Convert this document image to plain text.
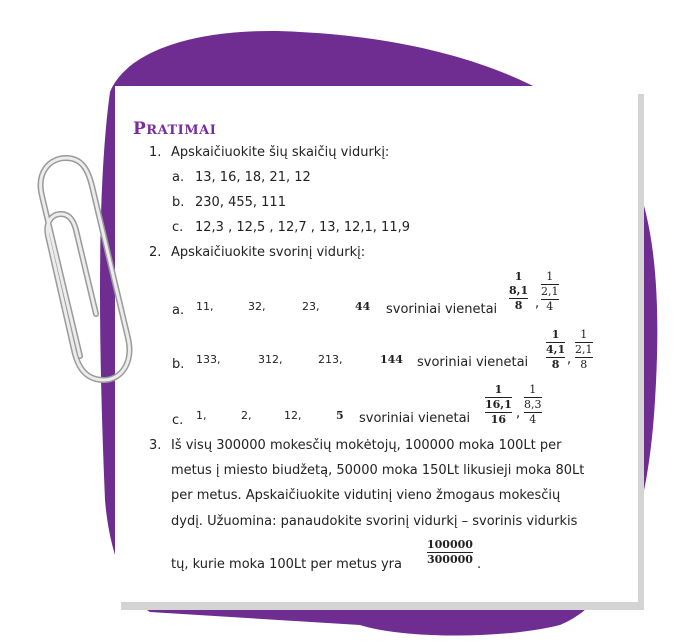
PRATIMAI
1. Apskaičiuokite šių skaičių vidurkį:
a. 13, 16, 18, 21, 12
b. 230, 455, 111
c. 12,3 , 12,5 , 12,7 , 13, 12,1, 11,9
2. Apskaičiuokite svorinį vidurkį:
a. 11,	32,	23,	44 svoriniai vienetai
1
8,1
8 ,
1
2,1
4
b. 133,	312,	213,	144 svoriniai vienetai
1
4,1
8 ,
1
2,1
8
c. 1,	2,	12,	5 svoriniai vienetai
1
16,1
16 ,
1
8,3
4
3. Iš visų 300000 mokesčių mokėtojų, 100000 moka 100Lt per
metus į miesto biudžetą, 50000 moka 150Lt likusieji moka 80Lt
per metus. Apskaičiuokite vidutinį vieno žmogaus mokesčių
dydį. Užuomina: panaudokite svorinį vidurkį – svorinis vidurkis
tų, kurie moka 100Lt per metus yra $\frac{100000}{300000}$ .
